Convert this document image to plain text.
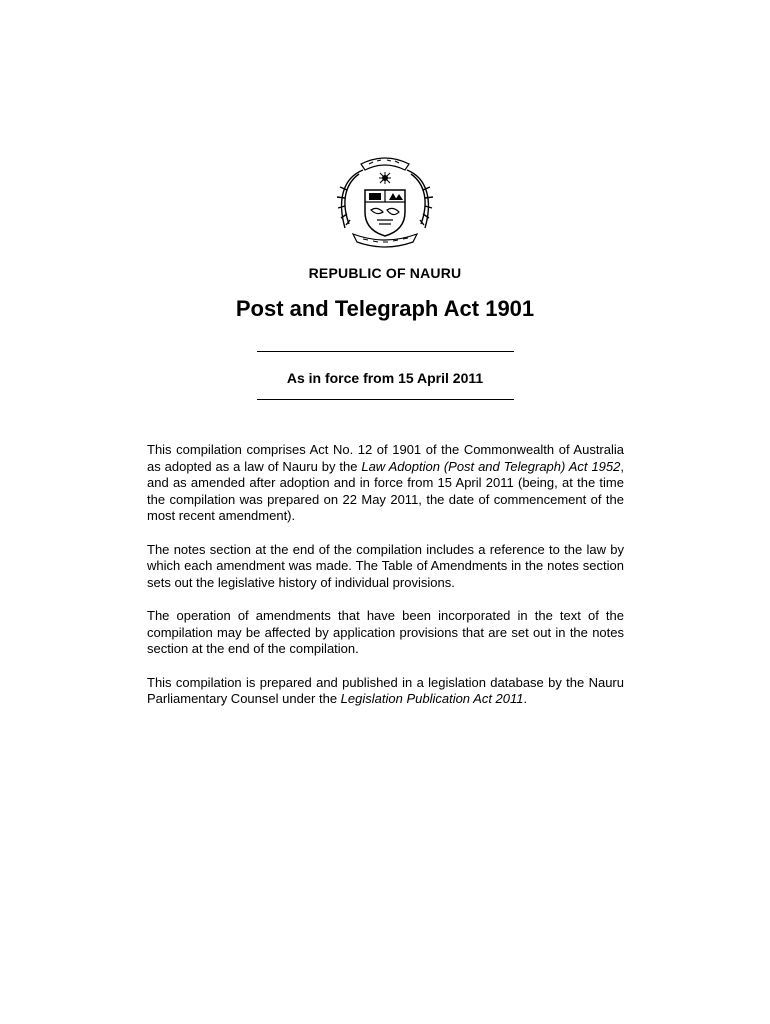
REPUBLIC OF NAURU
Post and Telegraph Act 1901
As in force from 15 April 2011

This compilation comprises Act No. 12 of 1901 of the Commonwealth of Australia as adopted as a law of Nauru by the Law Adoption (Post and Telegraph) Act 1952, and as amended after adoption and in force from 15 April 2011 (being, at the time the compilation was prepared on 22 May 2011, the date of commencement of the most recent amendment).

The notes section at the end of the compilation includes a reference to the law by which each amendment was made. The Table of Amendments in the notes section sets out the legislative history of individual provisions.

The operation of amendments that have been incorporated in the text of the compilation may be affected by application provisions that are set out in the notes section at the end of the compilation.

This compilation is prepared and published in a legislation database by the Nauru Parliamentary Counsel under the Legislation Publication Act 2011.
